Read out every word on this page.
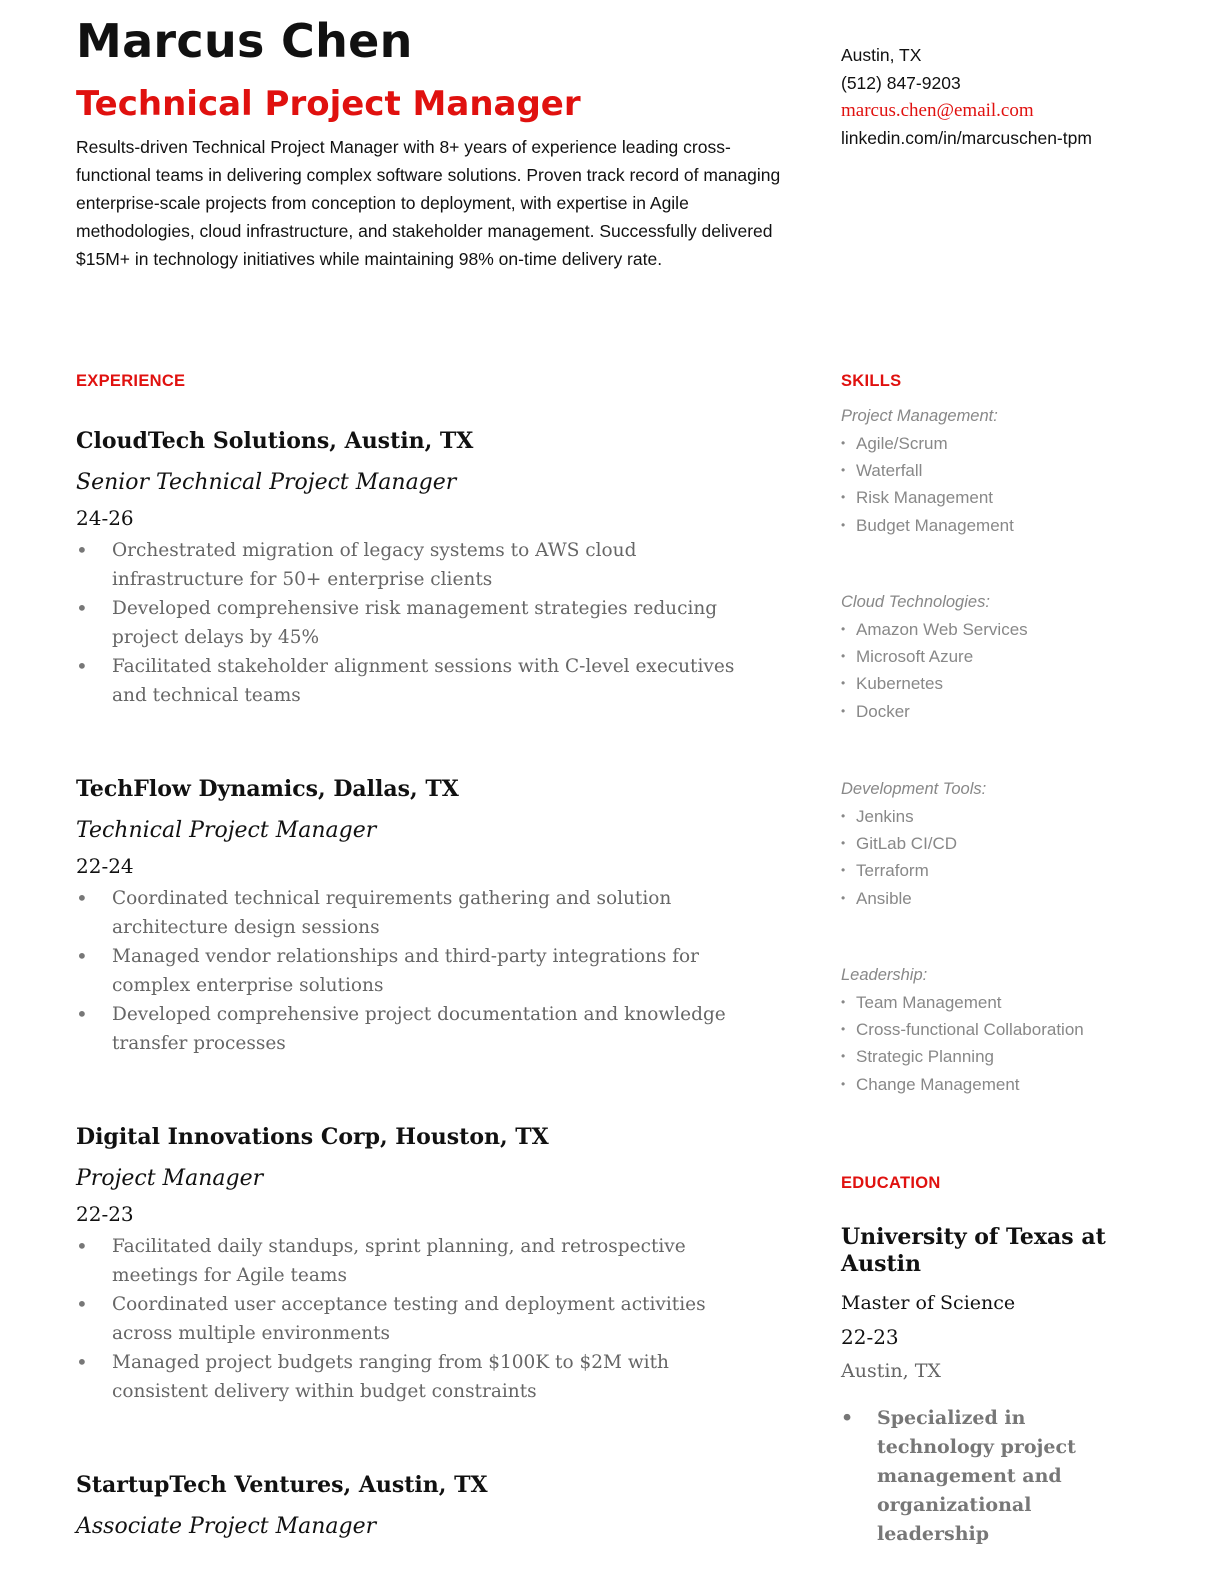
Marcus Chen
Technical Project Manager

Results-driven Technical Project Manager with 8+ years of experience leading cross-functional teams in delivering complex software solutions. Proven track record of managing enterprise-scale projects from conception to deployment, with expertise in Agile methodologies, cloud infrastructure, and stakeholder management. Successfully delivered $15M+ in technology initiatives while maintaining 98% on-time delivery rate.

EXPERIENCE
CloudTech Solutions, Austin, TX
Senior Technical Project Manager
24-26
• Orchestrated migration of legacy systems to AWS cloud infrastructure for 50+ enterprise clients
• Developed comprehensive risk management strategies reducing project delays by 45%
• Facilitated stakeholder alignment sessions with C-level executives and technical teams
TechFlow Dynamics, Dallas, TX
Technical Project Manager
22-24
• Coordinated technical requirements gathering and solution architecture design sessions
• Managed vendor relationships and third-party integrations for complex enterprise solutions
• Developed comprehensive project documentation and knowledge transfer processes
Digital Innovations Corp, Houston, TX
Project Manager
22-23
• Facilitated daily standups, sprint planning, and retrospective meetings for Agile teams
• Coordinated user acceptance testing and deployment activities across multiple environments
• Managed project budgets ranging from $100K to $2M with consistent delivery within budget constraints
StartupTech Ventures, Austin, TX
Associate Project Manager
Austin, TX
(512) 847-9203
marcus.chen@email.com
linkedin.com/in/marcuschen-tpm
SKILLS
Project Management:
• Agile/Scrum
• Waterfall
• Risk Management
• Budget Management
Cloud Technologies:
• Amazon Web Services
• Microsoft Azure
• Kubernetes
• Docker
Development Tools:
• Jenkins
• GitLab CI/CD
• Terraform
• Ansible
Leadership:
• Team Management
• Cross-functional Collaboration
• Strategic Planning
• Change Management
EDUCATION
University of Texas at Austin
Master of Science
22-23
Austin, TX
• Specialized in technology project management and organizational leadership
